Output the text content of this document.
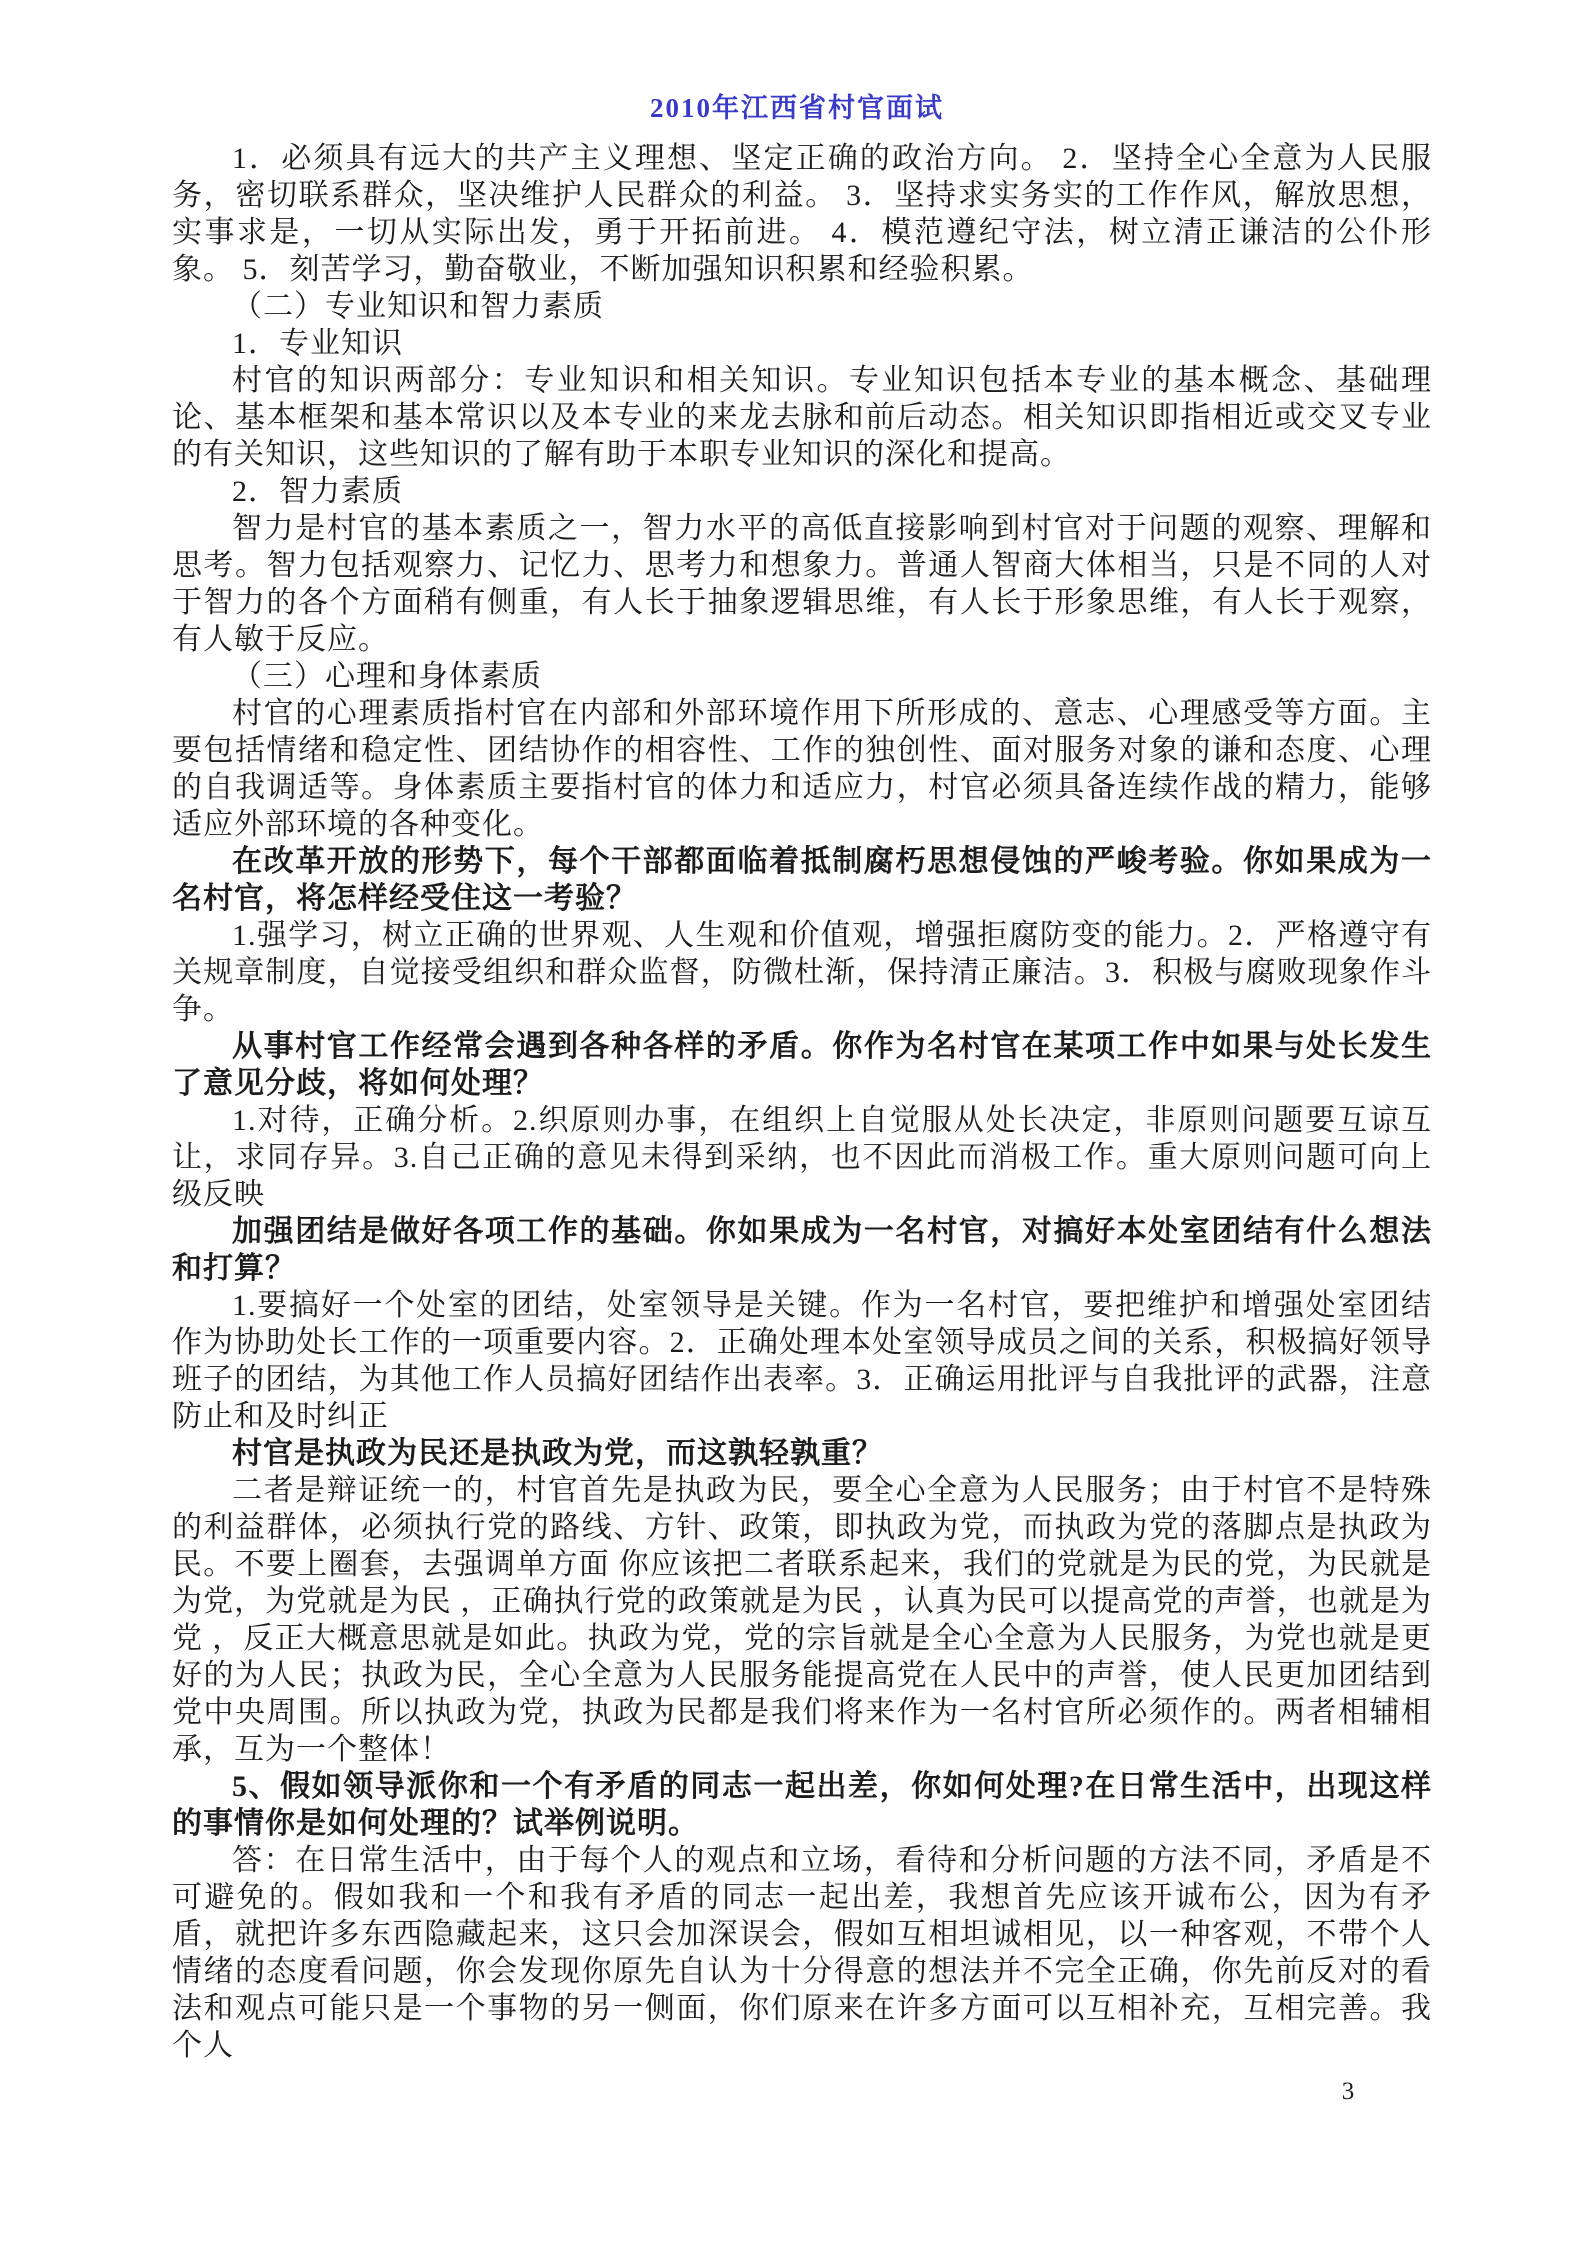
2010年江西省村官面试

1．必须具有远大的共产主义理想、坚定正确的政治方向。 2．坚持全心全意为人民服务，密切联系群众，坚决维护人民群众的利益。 3．坚持求实务实的工作作风，解放思想，实事求是，一切从实际出发，勇于开拓前进。 4．模范遵纪守法，树立清正谦洁的公仆形象。 5．刻苦学习，勤奋敬业，不断加强知识积累和经验积累。

（二）专业知识和智力素质

1．专业知识

村官的知识两部分：专业知识和相关知识。专业知识包括本专业的基本概念、基础理论、基本框架和基本常识以及本专业的来龙去脉和前后动态。相关知识即指相近或交叉专业的有关知识，这些知识的了解有助于本职专业知识的深化和提高。

2．智力素质

智力是村官的基本素质之一，智力水平的高低直接影响到村官对于问题的观察、理解和思考。智力包括观察力、记忆力、思考力和想象力。普通人智商大体相当，只是不同的人对于智力的各个方面稍有侧重，有人长于抽象逻辑思维，有人长于形象思维，有人长于观察，有人敏于反应。

（三）心理和身体素质

村官的心理素质指村官在内部和外部环境作用下所形成的、意志、心理感受等方面。主要包括情绪和稳定性、团结协作的相容性、工作的独创性、面对服务对象的谦和态度、心理的自我调适等。身体素质主要指村官的体力和适应力，村官必须具备连续作战的精力，能够适应外部环境的各种变化。

在改革开放的形势下，每个干部都面临着抵制腐朽思想侵蚀的严峻考验。你如果成为一名村官，将怎样经受住这一考验？

1.强学习，树立正确的世界观、人生观和价值观，增强拒腐防变的能力。2．严格遵守有关规章制度，自觉接受组织和群众监督，防微杜渐，保持清正廉洁。3．积极与腐败现象作斗争。

从事村官工作经常会遇到各种各样的矛盾。你作为名村官在某项工作中如果与处长发生了意见分歧，将如何处理？

1.对待，正确分析。2.织原则办事，在组织上自觉服从处长决定，非原则问题要互谅互让，求同存异。3.自己正确的意见未得到采纳，也不因此而消极工作。重大原则问题可向上级反映

加强团结是做好各项工作的基础。你如果成为一名村官，对搞好本处室团结有什么想法和打算？

1.要搞好一个处室的团结，处室领导是关键。作为一名村官，要把维护和增强处室团结作为协助处长工作的一项重要内容。2．正确处理本处室领导成员之间的关系，积极搞好领导班子的团结，为其他工作人员搞好团结作出表率。3．正确运用批评与自我批评的武器，注意防止和及时纠正

村官是执政为民还是执政为党，而这孰轻孰重？

二者是辩证统一的，村官首先是执政为民，要全心全意为人民服务；由于村官不是特殊的利益群体，必须执行党的路线、方针、政策，即执政为党，而执政为党的落脚点是执政为民。不要上圈套，去强调单方面 你应该把二者联系起来，我们的党就是为民的党，为民就是为党，为党就是为民 ，正确执行党的政策就是为民 ，认真为民可以提高党的声誉，也就是为党 ，反正大概意思就是如此。执政为党，党的宗旨就是全心全意为人民服务，为党也就是更好的为人民；执政为民，全心全意为人民服务能提高党在人民中的声誉，使人民更加团结到党中央周围。所以执政为党，执政为民都是我们将来作为一名村官所必须作的。两者相辅相承，互为一个整体！

5、假如领导派你和一个有矛盾的同志一起出差，你如何处理?在日常生活中，出现这样的事情你是如何处理的？试举例说明。

答：在日常生活中，由于每个人的观点和立场，看待和分析问题的方法不同，矛盾是不可避免的。假如我和一个和我有矛盾的同志一起出差，我想首先应该开诚布公，因为有矛盾，就把许多东西隐藏起来，这只会加深误会，假如互相坦诚相见，以一种客观，不带个人情绪的态度看问题，你会发现你原先自认为十分得意的想法并不完全正确，你先前反对的看法和观点可能只是一个事物的另一侧面，你们原来在许多方面可以互相补充，互相完善。我个人

3
